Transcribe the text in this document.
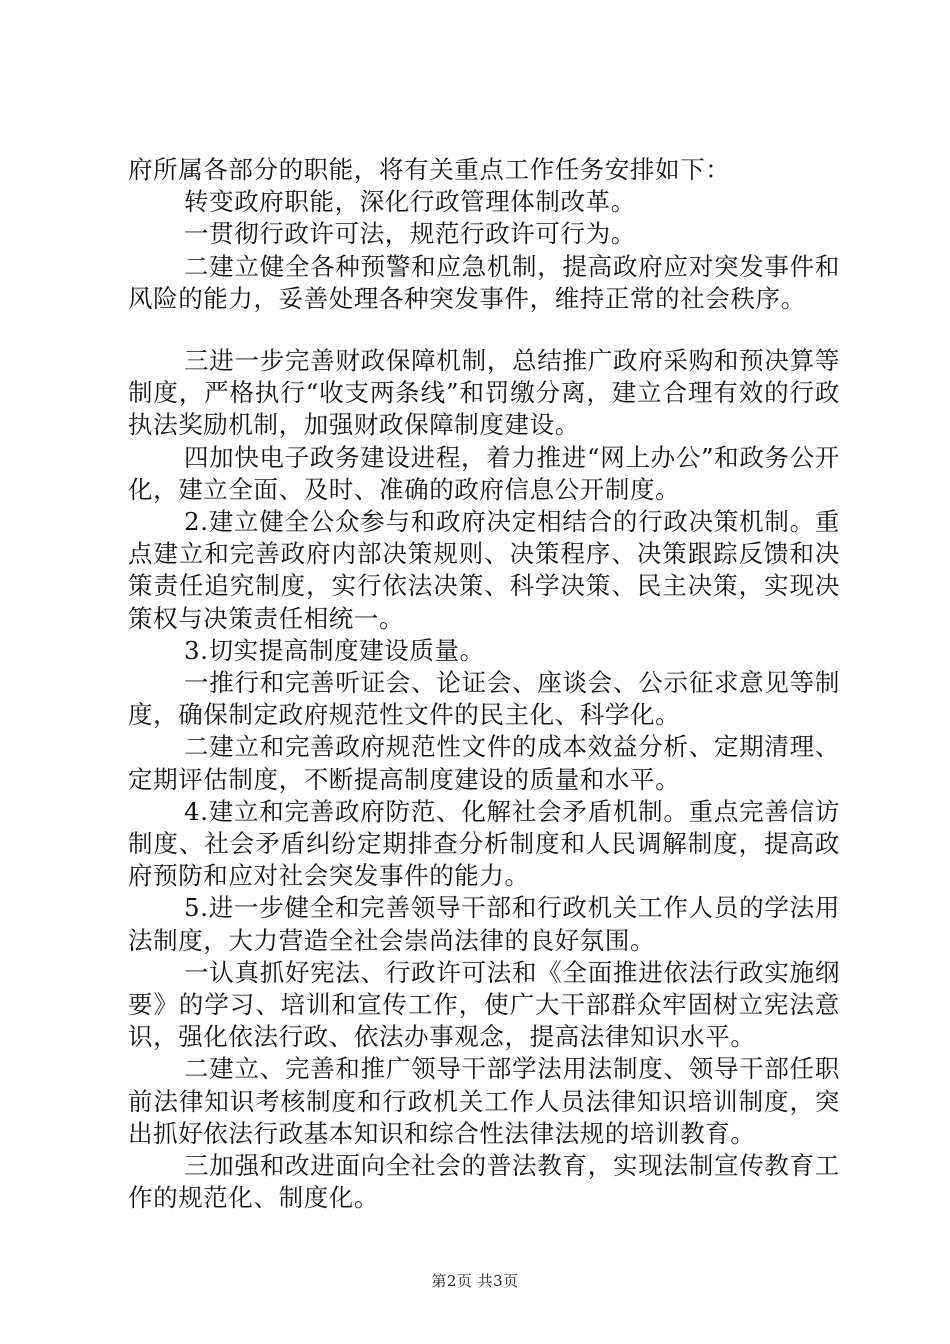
府所属各部分的职能，将有关重点工作任务安排如下：

转变政府职能，深化行政管理体制改革。

一贯彻行政许可法，规范行政许可行为。

二建立健全各种预警和应急机制，提高政府应对突发事件和风险的能力，妥善处理各种突发事件，维持正常的社会秩序。

三进一步完善财政保障机制，总结推广政府采购和预决算等制度，严格执行“收支两条线”和罚缴分离，建立合理有效的行政执法奖励机制，加强财政保障制度建设。

四加快电子政务建设进程，着力推进“网上办公”和政务公开化，建立全面、及时、准确的政府信息公开制度。

2.建立健全公众参与和政府决定相结合的行政决策机制。重点建立和完善政府内部决策规则、决策程序、决策跟踪反馈和决策责任追究制度，实行依法决策、科学决策、民主决策，实现决策权与决策责任相统一。

3.切实提高制度建设质量。

一推行和完善听证会、论证会、座谈会、公示征求意见等制度，确保制定政府规范性文件的民主化、科学化。

二建立和完善政府规范性文件的成本效益分析、定期清理、定期评估制度，不断提高制度建设的质量和水平。

4.建立和完善政府防范、化解社会矛盾机制。重点完善信访制度、社会矛盾纠纷定期排查分析制度和人民调解制度，提高政府预防和应对社会突发事件的能力。

5.进一步健全和完善领导干部和行政机关工作人员的学法用法制度，大力营造全社会崇尚法律的良好氛围。

一认真抓好宪法、行政许可法和《全面推进依法行政实施纲要》的学习、培训和宣传工作，使广大干部群众牢固树立宪法意识，强化依法行政、依法办事观念，提高法律知识水平。

二建立、完善和推广领导干部学法用法制度、领导干部任职前法律知识考核制度和行政机关工作人员法律知识培训制度，突出抓好依法行政基本知识和综合性法律法规的培训教育。

三加强和改进面向全社会的普法教育，实现法制宣传教育工作的规范化、制度化。

第2页 共3页
